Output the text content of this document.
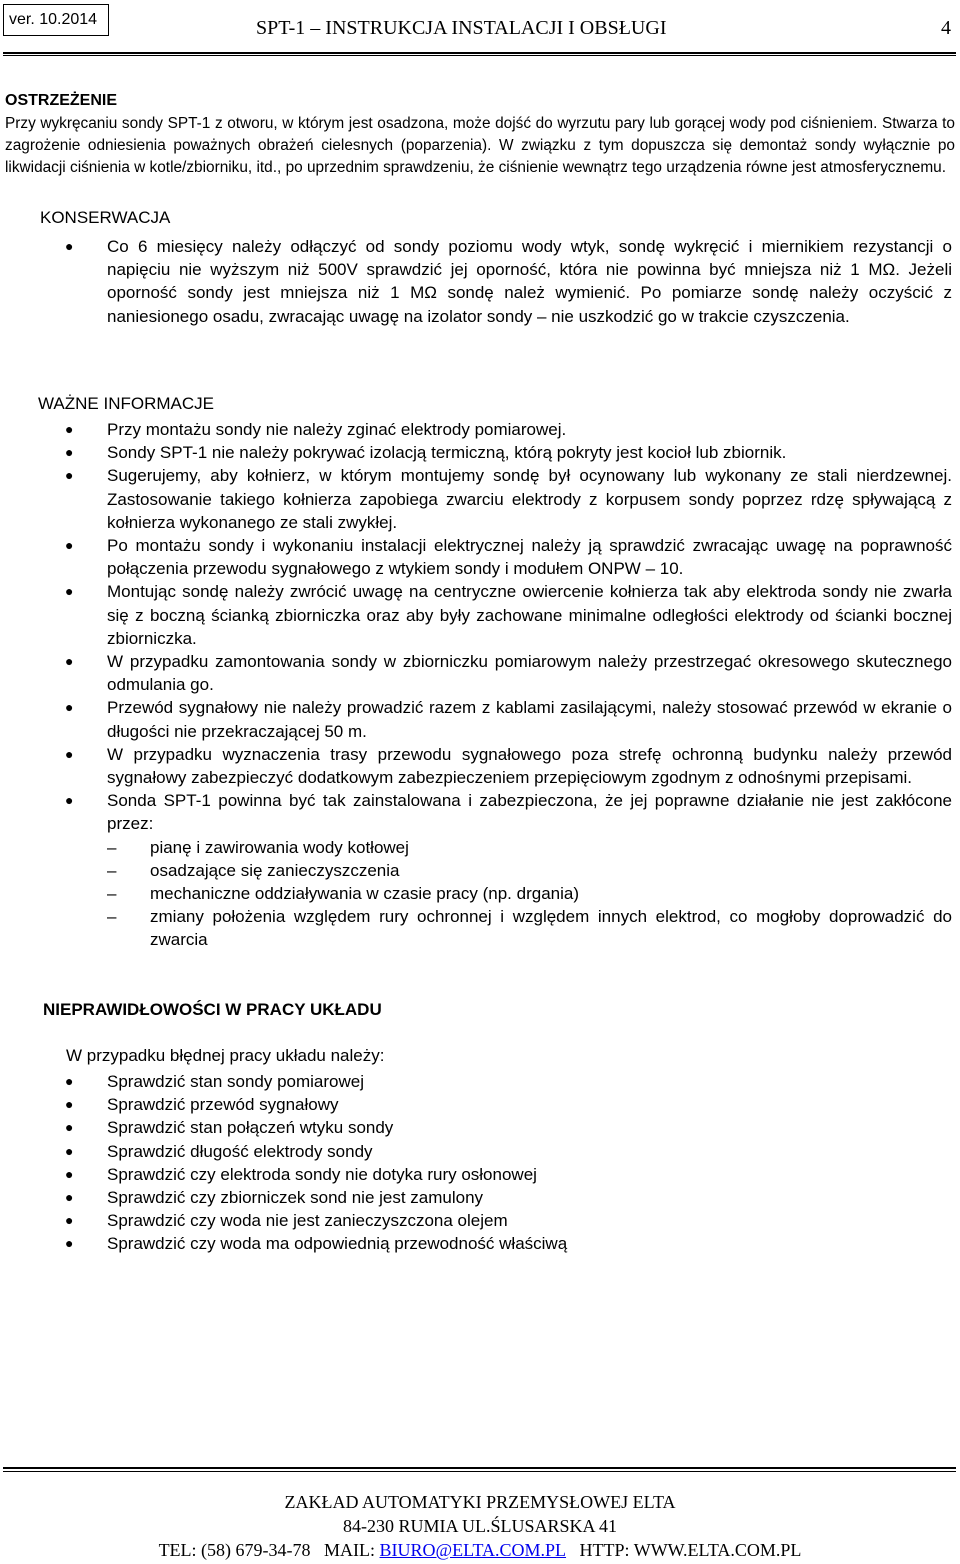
ver. 10.2014	SPT-1 – INSTRUKCJA INSTALACJI I OBSŁUGI	4
OSTRZEŻENIE
Przy wykręcaniu sondy SPT-1 z otworu, w którym jest osadzona, może dojść do wyrzutu pary lub gorącej wody pod ciśnieniem. Stwarza to zagrożenie odniesienia poważnych obrażeń cielesnych (poparzenia). W związku z tym dopuszcza się demontaż sondy wyłącznie po likwidacji ciśnienia w kotle/zbiorniku, itd., po uprzednim sprawdzeniu, że ciśnienie wewnątrz tego urządzenia równe jest atmosferycznemu.
KONSERWACJA
● Co 6 miesięcy należy odłączyć od sondy poziomu wody wtyk, sondę wykręcić i miernikiem rezystancji o napięciu nie wyższym niż 500V sprawdzić jej oporność, która nie powinna być mniejsza niż 1 MΩ. Jeżeli oporność sondy jest mniejsza niż 1 MΩ sondę należ wymienić. Po pomiarze sondę należy oczyścić z naniesionego osadu, zwracając uwagę na izolator sondy – nie uszkodzić go w trakcie czyszczenia.
WAŻNE INFORMACJE
● Przy montażu sondy nie należy zginać elektrody pomiarowej.
● Sondy SPT-1 nie należy pokrywać izolacją termiczną, którą pokryty jest kocioł lub zbiornik.
● Sugerujemy, aby kołnierz, w którym montujemy sondę był ocynowany lub wykonany ze stali nierdzewnej. Zastosowanie takiego kołnierza zapobiega zwarciu elektrody z korpusem sondy poprzez rdzę spływającą z kołnierza wykonanego ze stali zwykłej.
● Po montażu sondy i wykonaniu instalacji elektrycznej należy ją sprawdzić zwracając uwagę na poprawność połączenia przewodu sygnałowego z wtykiem sondy i modułem ONPW – 10.
● Montując sondę należy zwrócić uwagę na centryczne owiercenie kołnierza tak aby elektroda sondy nie zwarła się z boczną ścianką zbiorniczka oraz aby były zachowane minimalne odległości elektrody od ścianki bocznej zbiorniczka.
● W przypadku zamontowania sondy w zbiorniczku pomiarowym należy przestrzegać okresowego skutecznego odmulania go.
● Przewód sygnałowy nie należy prowadzić razem z kablami zasilającymi, należy stosować przewód w ekranie o długości nie przekraczającej 50 m.
● W przypadku wyznaczenia trasy przewodu sygnałowego poza strefę ochronną budynku należy przewód sygnałowy zabezpieczyć dodatkowym zabezpieczeniem przepięciowym zgodnym z odnośnymi przepisami.
● Sonda SPT-1 powinna być tak zainstalowana i zabezpieczona, że jej poprawne działanie nie jest zakłócone przez:
– pianę i zawirowania wody kotłowej
– osadzające się zanieczyszczenia
– mechaniczne oddziaływania w czasie pracy (np. drgania)
– zmiany położenia względem rury ochronnej i względem innych elektrod, co mogłoby doprowadzić do zwarcia
NIEPRAWIDŁOWOŚCI W PRACY UKŁADU
W przypadku błędnej pracy układu należy:
● Sprawdzić stan sondy pomiarowej
● Sprawdzić przewód sygnałowy
● Sprawdzić stan połączeń wtyku sondy
● Sprawdzić długość elektrody sondy
● Sprawdzić czy elektroda sondy nie dotyka rury osłonowej
● Sprawdzić czy zbiorniczek sond nie jest zamulony
● Sprawdzić czy woda nie jest zanieczyszczona olejem
● Sprawdzić czy woda ma odpowiednią przewodność właściwą
ZAKŁAD AUTOMATYKI PRZEMYSŁOWEJ ELTA
84-230 RUMIA UL.ŚLUSARSKA 41
TEL: (58) 679-34-78 MAIL: BIURO@ELTA.COM.PL HTTP: WWW.ELTA.COM.PL
